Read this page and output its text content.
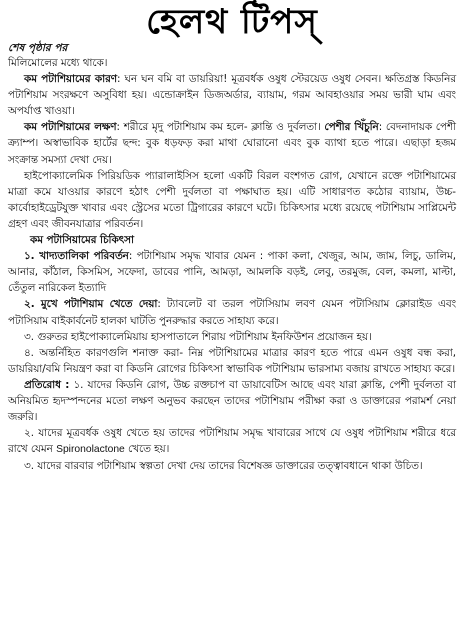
হেলথ টিপস্‌
শেষ পৃষ্ঠার পর

মিলিমোলের মধ্যে থাকে।

কম পটাশিয়ামের কারণ: ঘন ঘন বমি বা ডায়রিয়া! মূত্রবর্ধক ওষুধ স্টেরয়েড ওষুধ সেবন। ক্ষতিগ্রস্ত কিডনির পটাশিয়াম সংরক্ষণে অসুবিধা হয়। এন্ডোক্রাইন ডিজঅর্ডার, ব্যায়াম, গরম আবহাওয়ার সময় ভারী ঘাম এবং অপর্যাপ্ত খাওয়া।

কম পটাশিয়ামের লক্ষণ: শরীরে মৃদু পটাশিয়াম কম হলে- ক্লান্তি ও দুর্বলতা। পেশীর খিঁচুনি: বেদনাদায়ক পেশী ক্র্যাম্প। অস্বাভাবিক হার্টের ছন্দ: বুক ধড়ফড় করা মাথা ঘোরানো এবং বুক ব্যাথা হতে পারে। এছাড়া হজম সংক্রান্ত সমস্যা দেখা দেয়।

হাইপোক্যালেমিক পিরিয়ডিক প্যারালাইসিস হলো একটি বিরল বংশগত রোগ, যেখানে রক্তে পটাশিয়ামের মাত্রা কমে যাওয়ার কারণে হঠাৎ পেশী দুর্বলতা বা পক্ষাঘাত হয়। এটি সাধারণত কঠোর ব্যায়াম, উচ্চ-কার্বোহাইড্রেটযুক্ত খাবার এবং স্ট্রেসের মতো ট্রিগারের কারণে ঘটে। চিকিৎসার মধ্যে রয়েছে পটাশিয়াম সাপ্লিমেন্ট গ্রহণ এবং জীবনযাত্রার পরিবর্তন।

কম পটাসিয়ামের চিকিৎসা

১. খাদ্যতালিকা পরিবর্তন: পটাশিয়াম সমৃদ্ধ খাবার যেমন : পাকা কলা, খেজুর, আম, জাম, লিচু, ডালিম, আনার, কাঁঠাল, কিসমিস, সফেদা, ডাবের পানি, আমড়া, আমলকি বড়ই, লেবু, তরমুজ, বেল, কমলা, মাল্টা, তেঁতুল নারিকেল ইত্যাদি

২. মুখে পটাশিয়াম খেতে দেয়া: ট্যাবলেট বা তরল পটাসিয়াম লবণ যেমন পটাসিয়াম ক্লোরাইড এবং পটাসিয়াম বাইকার্বনেট হালকা ঘাটতি পুনরুদ্ধার করতে সাহায্য করে।

৩. গুরুতর হাইপোক্যালেমিয়ায় হাসপাতালে শিরায় পটাশিয়াম ইনফিউশন প্রয়োজন হয়।

৪. অন্তর্নিহিত কারণগুলি শনাক্ত করা- নিম্ন পটাশিয়ামের মাত্রার কারণ হতে পারে এমন ওষুধ বন্ধ করা, ডায়রিয়া/বমি নিয়ন্ত্রণ করা বা কিডনি রোগের চিকিৎসা স্বাভাবিক পটাশিয়াম ভারসাম্য বজায় রাখতে সাহায্য করে।

প্রতিরোধ : ১. যাদের কিডনি রোগ, উচ্চ রক্তচাপ বা ডায়াবেটিস আছে এবং যারা ক্লান্তি, পেশী দুর্বলতা বা অনিয়মিত হৃদস্পন্দনের মতো লক্ষণ অনুভব করছেন তাদের পটাশিয়াম পরীক্ষা করা ও ডাক্তারের পরামর্শ নেয়া জরুরি।

২. যাদের মূত্রবর্ধক ওষুধ খেতে হয় তাদের পটাশিয়াম সমৃদ্ধ খাবারের সাথে যে ওষুধ পটাশিয়াম শরীরে ধরে রাখে যেমন Spironolactone খেতে হয়।

৩. যাদের বারবার পটাশিয়াম স্বল্পতা দেখা দেয় তাদের বিশেষজ্ঞ ডাক্তারের তত্ত্বাবধানে থাকা উচিত।
